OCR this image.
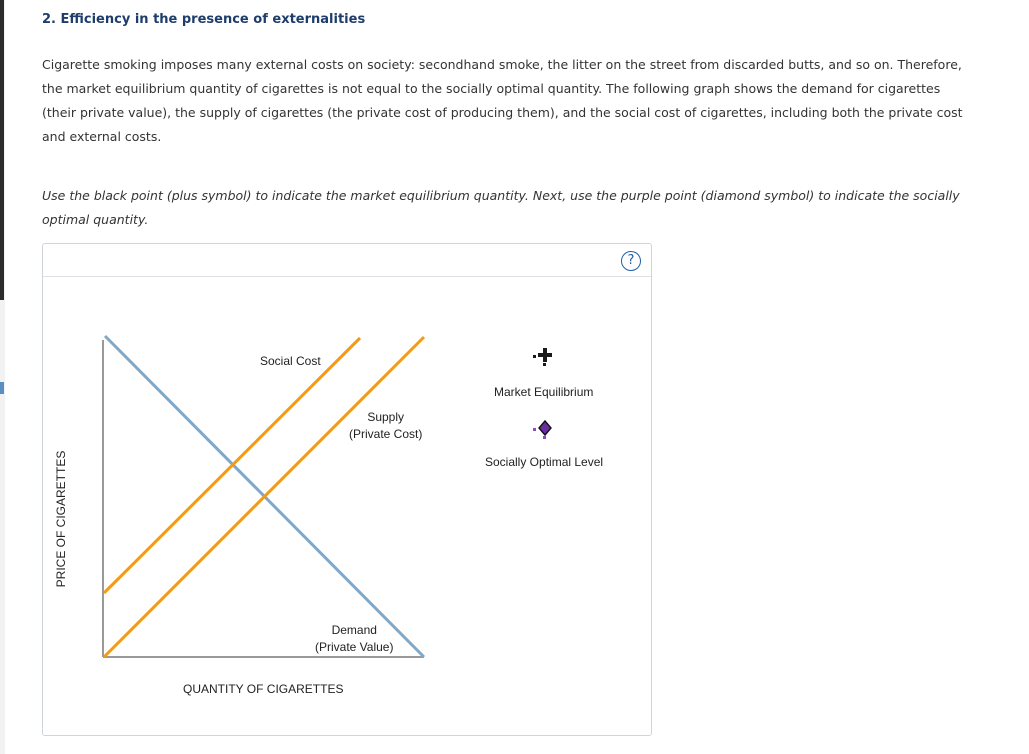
2. Efficiency in the presence of externalities

Cigarette smoking imposes many external costs on society: secondhand smoke, the litter on the street from discarded butts, and so on. Therefore, the market equilibrium quantity of cigarettes is not equal to the socially optimal quantity. The following graph shows the demand for cigarettes (their private value), the supply of cigarettes (the private cost of producing them), and the social cost of cigarettes, including both the private cost and external costs.

Use the black point (plus symbol) to indicate the market equilibrium quantity. Next, use the purple point (diamond symbol) to indicate the socially optimal quantity.

?
Social Cost
Supply
(Private Cost)
Demand
(Private Value)
Market Equilibrium
Socially Optimal Level
PRICE OF CIGARETTES
QUANTITY OF CIGARETTES
